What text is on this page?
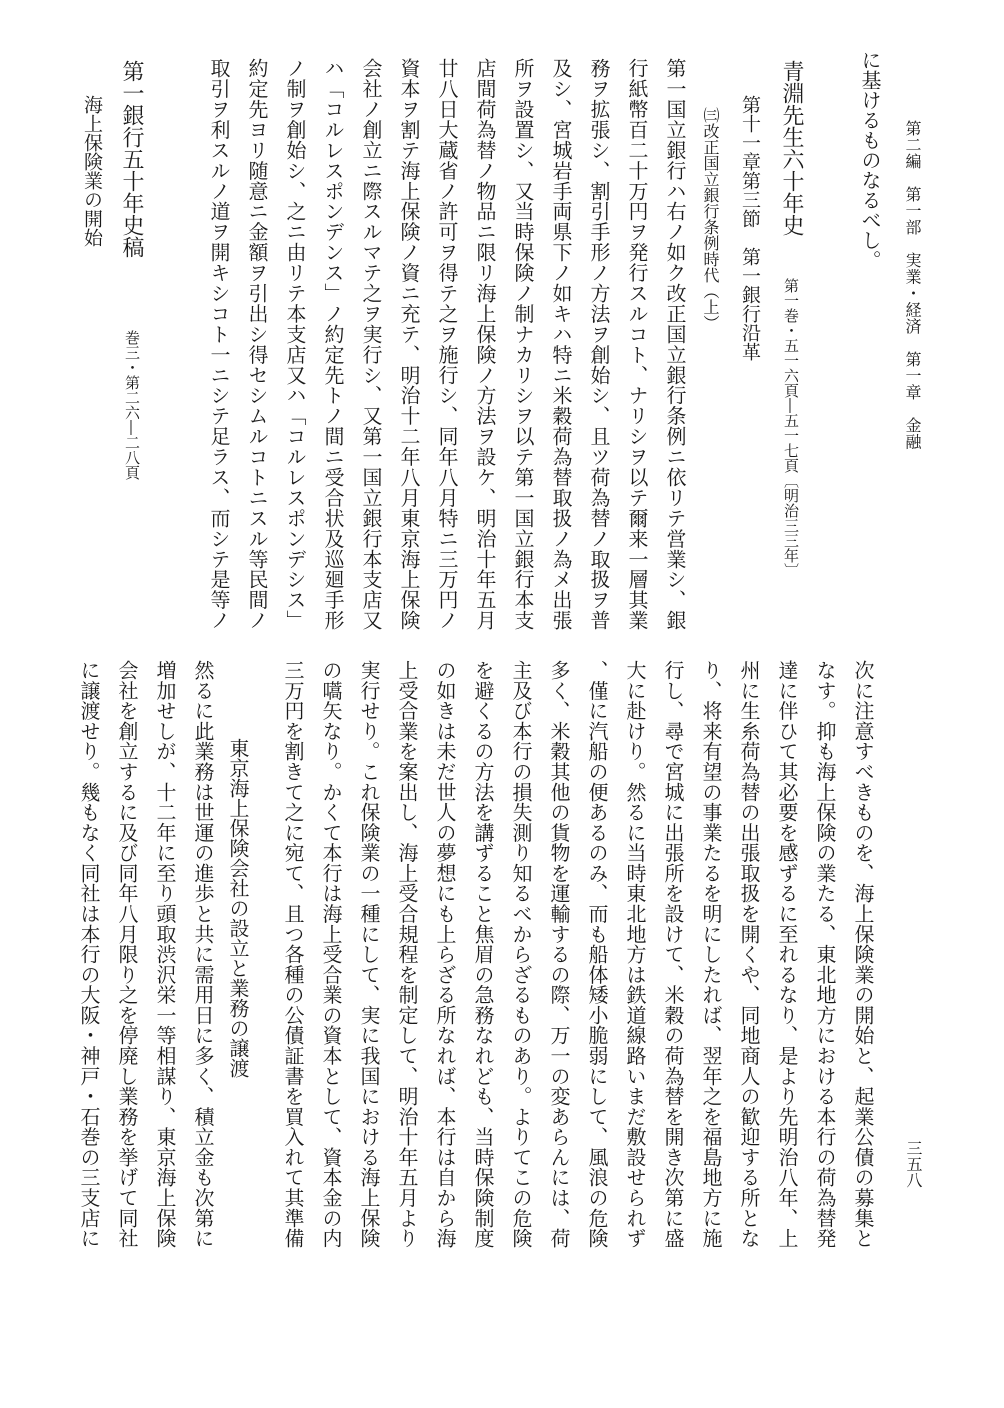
第二編　第一部　実業・経済　第一章　金融
三五八
に基けるものなるべし。
青淵先生六十年史
第一巻・五一六頁―五一七頁〔明治三三年〕
第十一章第三節　第一銀行沿革
㈢改正国立銀行条例時代（上）
第一国立銀行ハ右ノ如ク改正国立銀行条例ニ依リテ営業シ、銀行紙幣百二十万円ヲ発行スルコト、ナリシヲ以テ爾来一層其業務ヲ拡張シ、割引手形ノ方法ヲ創始シ、且ツ荷為替ノ取扱ヲ普及シ、宮城岩手両県下ノ如キハ特ニ米穀荷為替取扱ノ為メ出張所ヲ設置シ、又当時保険ノ制ナカリシヲ以テ第一国立銀行本支店間荷為替ノ物品ニ限リ海上保険ノ方法ヲ設ケ、明治十年五月廿八日大蔵省ノ許可ヲ得テ之ヲ施行シ、同年八月特ニ三万円ノ資本ヲ割テ海上保険ノ資ニ充テ、明治十二年八月東京海上保険会社ノ創立ニ際スルマテ之ヲ実行シ、又第一国立銀行本支店又ハ「コルレスポンデンス」ノ約定先トノ間ニ受合状及巡廻手形ノ制ヲ創始シ、之ニ由リテ本支店又ハ「コルレスポンデシス」約定先ヨリ随意ニ金額ヲ引出シ得セシムルコトニスル等民間ノ取引ヲ利スルノ道ヲ開キシコト一ニシテ足ラス、而シテ是等ノ
第一銀行五十年史稿
巻三・第二六―二八頁
海上保険業の開始
次に注意すべきものを、海上保険業の開始と、起業公債の募集となす。抑も海上保険の業たる、東北地方における本行の荷為替発達に伴ひて其必要を感ずるに至れるなり、是より先明治八年、上州に生糸荷為替の出張取扱を開くや、同地商人の歓迎する所となり、将来有望の事業たるを明にしたれば、翌年之を福島地方に施行し、尋で宮城に出張所を設けて、米穀の荷為替を開き次第に盛大に赴けり。然るに当時東北地方は鉄道線路いまだ敷設せられず、僅に汽船の便あるのみ、而も船体矮小脆弱にして、風浪の危険多く、米穀其他の貨物を運輸するの際、万一の変あらんには、荷主及び本行の損失測り知るべからざるものあり。よりてこの危険を避くるの方法を講ずること焦眉の急務なれども、当時保険制度の如きは未だ世人の夢想にも上らざる所なれば、本行は自から海上受合業を案出し、海上受合規程を制定して、明治十年五月より実行せり。これ保険業の一種にして、実に我国における海上保険の嚆矢なり。かくて本行は海上受合業の資本として、資本金の内三万円を割きて之に宛て、且つ各種の公債証書を買入れて其準備
東京海上保険会社の設立と業務の譲渡
然るに此業務は世運の進歩と共に需用日に多く、積立金も次第に増加せしが、十二年に至り頭取渋沢栄一等相謀り、東京海上保険会社を創立するに及び同年八月限り之を停廃し業務を挙げて同社に譲渡せり。幾もなく同社は本行の大阪・神戸・石巻の三支店に
